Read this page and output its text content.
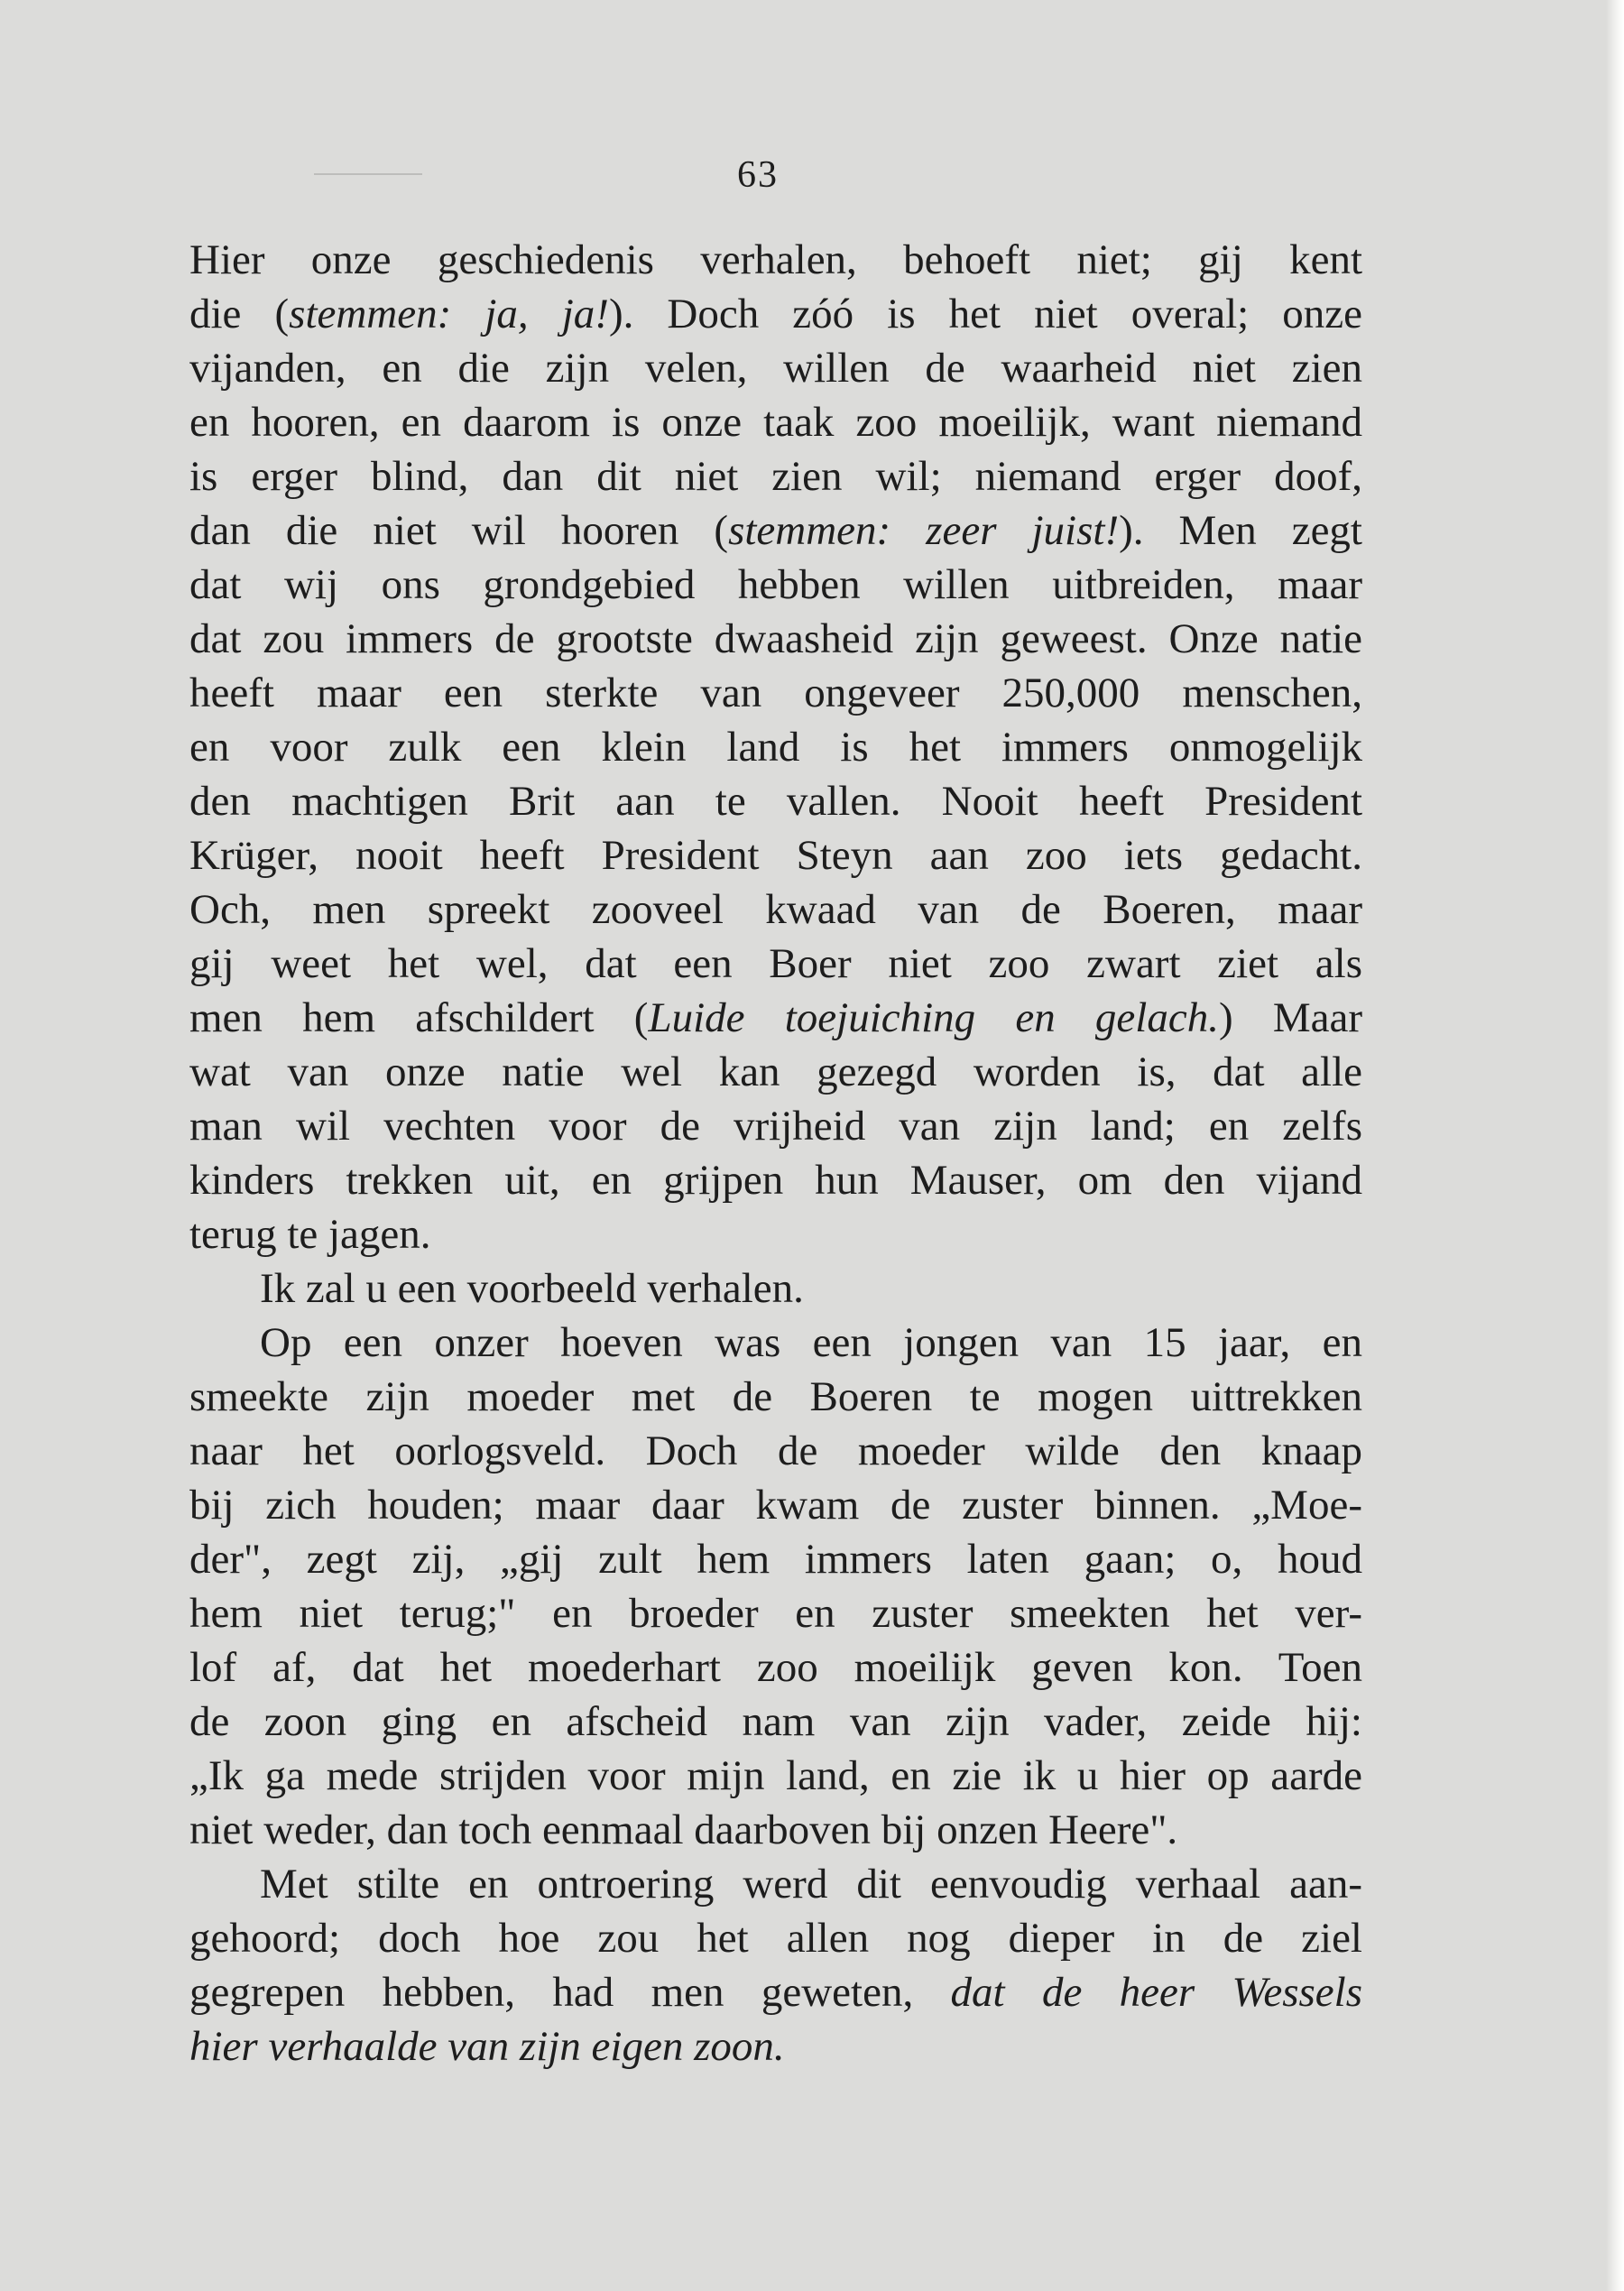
63
Hier onze geschiedenis verhalen, behoeft niet; gij kent
die (stemmen: ja, ja!). Doch zóó is het niet overal; onze
vijanden, en die zijn velen, willen de waarheid niet zien
en hooren, en daarom is onze taak zoo moeilijk, want niemand
is erger blind, dan dit niet zien wil; niemand erger doof,
dan die niet wil hooren (stemmen: zeer juist!). Men zegt
dat wij ons grondgebied hebben willen uitbreiden, maar
dat zou immers de grootste dwaasheid zijn geweest. Onze natie
heeft maar een sterkte van ongeveer 250,000 menschen,
en voor zulk een klein land is het immers onmogelijk
den machtigen Brit aan te vallen. Nooit heeft President
Krüger, nooit heeft President Steyn aan zoo iets gedacht.
Och, men spreekt zooveel kwaad van de Boeren, maar
gij weet het wel, dat een Boer niet zoo zwart ziet als
men hem afschildert (Luide toejuiching en gelach.) Maar
wat van onze natie wel kan gezegd worden is, dat alle
man wil vechten voor de vrijheid van zijn land; en zelfs
kinders trekken uit, en grijpen hun Mauser, om den vijand
terug te jagen.
Ik zal u een voorbeeld verhalen.
Op een onzer hoeven was een jongen van 15 jaar, en
smeekte zijn moeder met de Boeren te mogen uittrekken
naar het oorlogsveld. Doch de moeder wilde den knaap
bij zich houden; maar daar kwam de zuster binnen. „Moe-
der", zegt zij, „gij zult hem immers laten gaan; o, houd
hem niet terug;" en broeder en zuster smeekten het ver-
lof af, dat het moederhart zoo moeilijk geven kon. Toen
de zoon ging en afscheid nam van zijn vader, zeide hij:
„Ik ga mede strijden voor mijn land, en zie ik u hier op aarde
niet weder, dan toch eenmaal daarboven bij onzen Heere".
Met stilte en ontroering werd dit eenvoudig verhaal aan-
gehoord; doch hoe zou het allen nog dieper in de ziel
gegrepen hebben, had men geweten, dat de heer Wessels
hier verhaalde van zijn eigen zoon.
